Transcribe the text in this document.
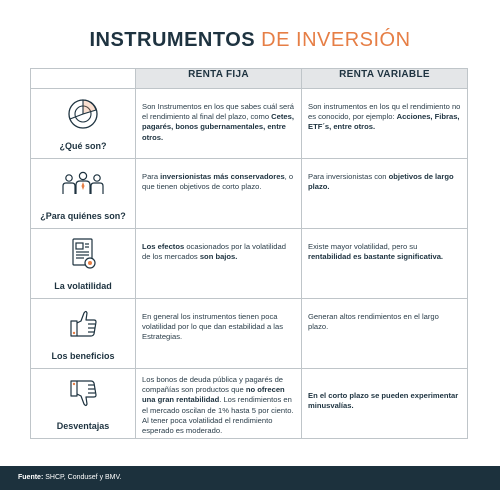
INSTRUMENTOS DE INVERSIÓN
	RENTA FIJA	RENTA VARIABLE

¿Qué son?	Son Instrumentos en los que sabes cuál será el rendimiento al final del plazo, como Cetes, pagarés, bonos gubernamentales, entre otros.	Son instrumentos en los qu el rendimiento no es conocido, por ejemplo: Acciones, Fibras, ETF´s, entre otros.

¿Para quiénes son?	Para inversionistas más conservadores, o que tienen objetivos de corto plazo.	Para inversionistas con objetivos de largo plazo.

La volatilidad	Los efectos ocasionados por la volatilidad de los mercados son bajos.	Existe mayor volatilidad, pero su rentabilidad es bastante significativa.

Los beneficios	En general los instrumentos tienen poca volatilidad por lo que dan estabilidad a las Estrategias.	Generan altos rendimientos en el largo plazo.

Desventajas	Los bonos de deuda pública y pagarés de compañías son productos que no ofrecen una gran rentabilidad. Los rendimientos en el mercado oscilan de 1% hasta 5 por ciento. Al tener poca volatilidad el rendimiento esperado es moderado.	En el corto plazo se pueden experimentar minusvalías.
Fuente: SHCP, Condusef y BMV.
